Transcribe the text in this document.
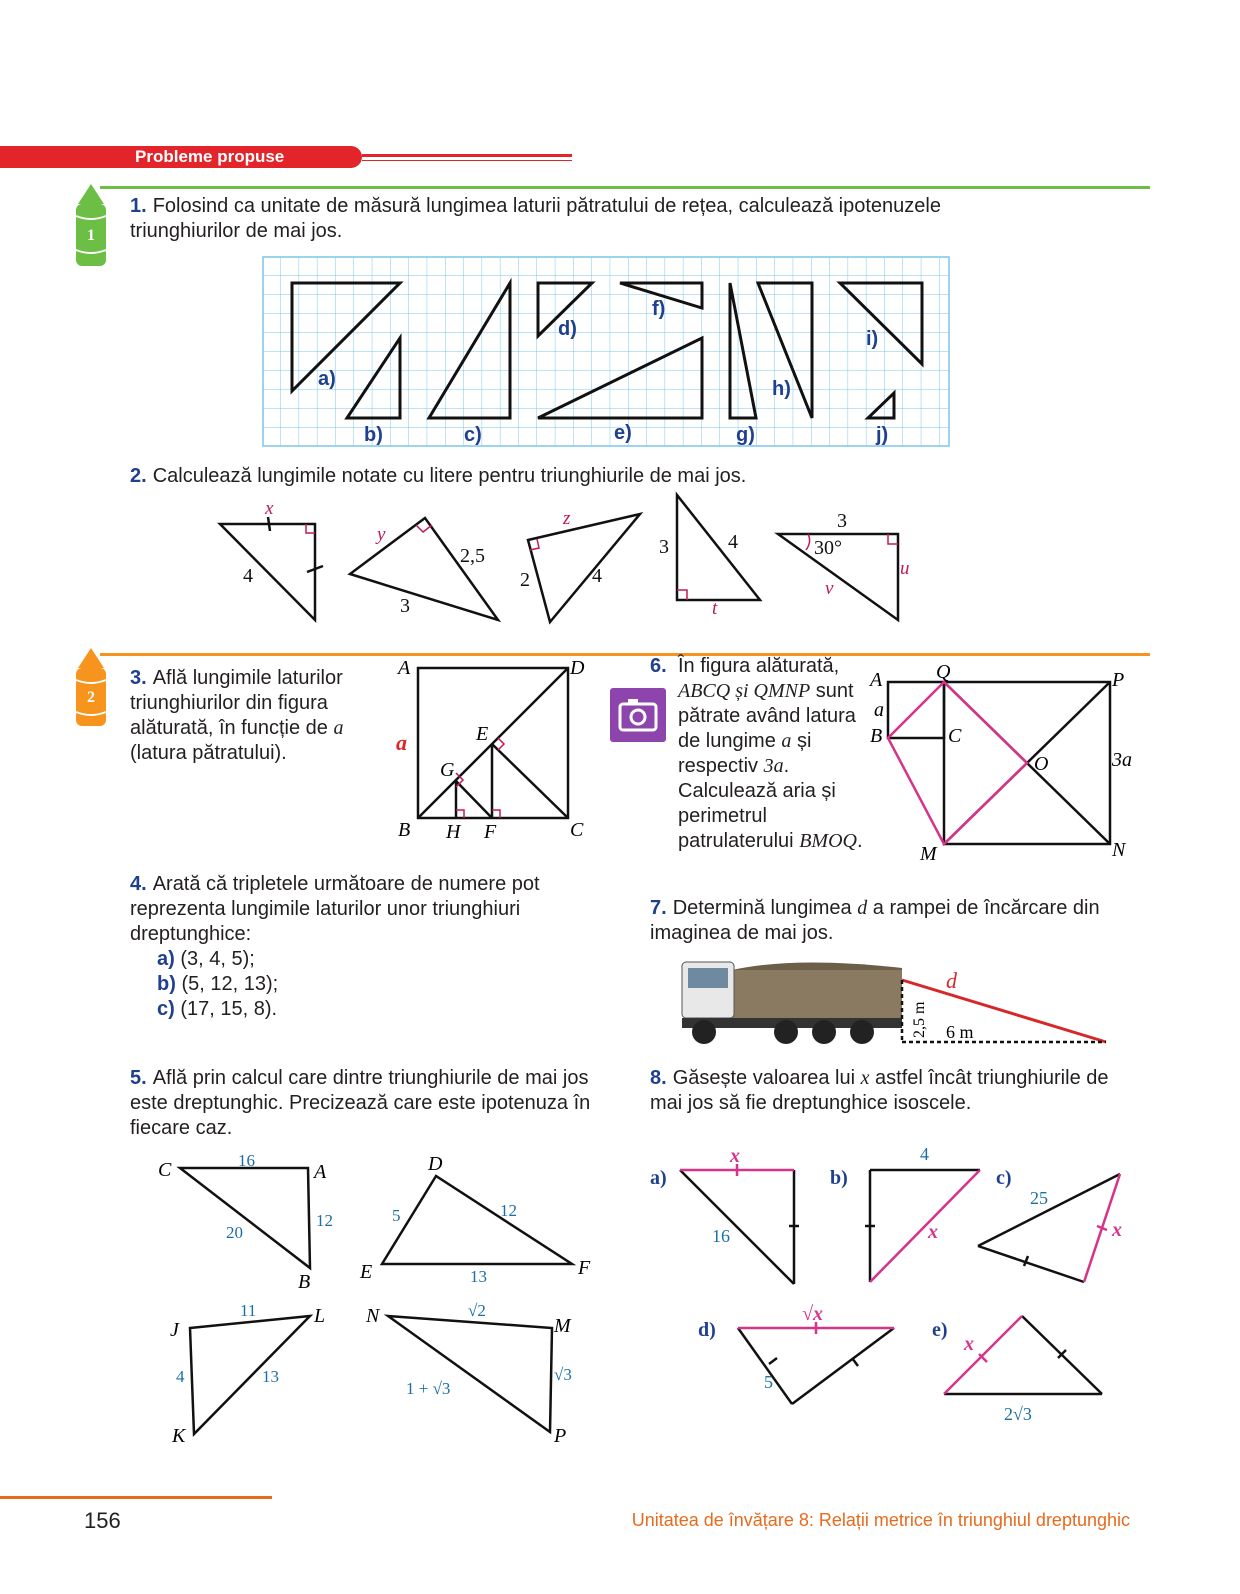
Probleme propuse
1
1. Folosind ca unitate de măsură lungimea laturii pătratului de rețea, calculează ipotenuzele triunghiurilor de mai jos.
a)
b)	c)
d)
e)
f)
g)
h)
i)
j)
2. Calculează lungimile notate cu litere pentru triunghiurile de mai jos.
x
4
y
2,5
3
z
2	4
3	4
t
3
30°
u
v
2
3. Află lungimile laturilor triunghiurilor din figura alăturată, în funcție de a (latura pătratului).
A	D
B	C
E
G
H F
a
4. Arată că tripletele următoare de numere pot reprezenta lungimile laturilor unor triunghiuri dreptunghice:
a) (3, 4, 5);
b) (5, 12, 13);
c) (17, 15, 8).
5. Află prin calcul care dintre triunghiurile de mai jos este dreptunghic. Precizează care este ipotenuza în fiecare caz.
C	A
B
16
20
12
D
E	F
5	12
13
J
L
K
11
4	13
N	M
P
√2
1 + √3
√3
6. În figura alăturată, ABCQ și QMNP sunt pătrate având latura de lungime a și respectiv 3a. Calculează aria și perimetrul patrulaterului BMOQ.
A	Q	P
a
B	C
O	3a
M	N
7. Determină lungimea d a rampei de încărcare din imaginea de mai jos.
d
6 m
2,5 m
8. Găsește valoarea lui x astfel încât triunghiurile de mai jos să fie dreptunghice isoscele.
a)
x
16
b)
4
x
c)
25
x
d)
√x
5
e)
x
2√3
156	Unitatea de învățare 8: Relații metrice în triunghiul dreptunghic
